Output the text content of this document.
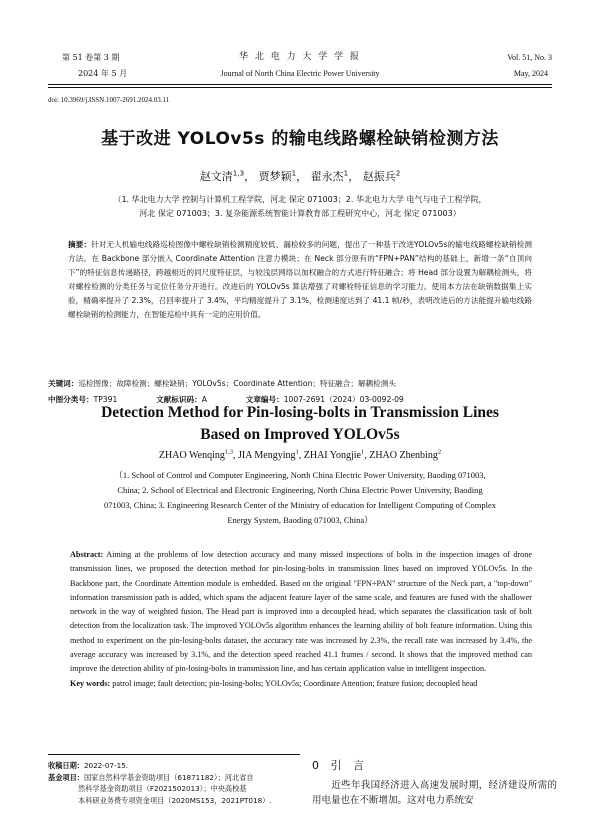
第 51 卷第 3 期
2024 年 5 月
华 北 电 力 大 学 学 报
Journal of North China Electric Power University
Vol. 51, No. 3
May, 2024
doi: 10.3969/j.ISSN.1007-2691.2024.03.11
基于改进 YOLOv5s 的输电线路螺栓缺销检测方法
赵文清$^{1,3}$， 贾梦颖$^1$， 翟永杰$^1$， 赵振兵$^2$
（1. 华北电力大学 控制与计算机工程学院，河北 保定 071003；2. 华北电力大学 电气与电子工程学院，
河北 保定 071003；3. 复杂能源系统智能计算教育部工程研究中心，河北 保定 071003）
摘要：针对无人机输电线路巡检图像中螺栓缺销检测精度较低、漏检较多的问题，提出了一种基于改进YOLOv5s的输电线路螺栓缺销检测方法。在 Backbone 部分嵌入 Coordinate Attention 注意力模块；在 Neck 部分原有的“FPN+PAN”结构的基础上，新增一条“自顶向下”的特征信息传递路径，跨越相近的同尺度特征层，与较浅层网络以加权融合的方式进行特征融合；将 Head 部分设置为解耦检测头，将对螺栓检测的分类任务与定位任务分开进行。改进后的 YOLOv5s 算法增强了对螺栓特征信息的学习能力。使用本方法在缺销数据集上实验，精确率提升了 2.3%，召回率提升了 3.4%，平均精度提升了 3.1%，检测速度达到了 41.1 帧/秒，表明改进后的方法能提升输电线路螺栓缺销的检测能力，在智能巡检中具有一定的应用价值。
关键词：巡检图像；故障检测；螺栓缺销；YOLOv5s；Coordinate Attention；特征融合；解耦检测头
中图分类号：TP391	文献标识码：A	文章编号：1007-2691（2024）03-0092-09
Detection Method for Pin-losing-bolts in Transmission Lines
Based on Improved YOLOv5s
ZHAO Wenqing$^{1,3}$, JIA Mengying$^1$, ZHAI Yongjie$^1$, ZHAO Zhenbing$^2$
（1. School of Control and Computer Engineering, North China Electric Power University, Baoding 071003,
China; 2. School of Electrical and Electronic Engineering, North China Electric Power University, Baoding
071003, China; 3. Engineering Research Center of the Ministry of education for Intelligent Computing of Complex
Energy System, Baoding 071003, China）
Abstract: Aiming at the problems of low detection accuracy and many missed inspections of bolts in the inspection images of drone transmission lines, we proposed the detection method for pin-losing-bolts in transmission lines based on improved YOLOv5s. In the Backbone part, the Coordinate Attention module is embedded. Based on the original "FPN+PAN" structure of the Neck part, a "top-down" information transmission path is added, which spans the adjacent feature layer of the same scale, and features are fused with the shallower network in the way of weighted fusion. The Head part is improved into a decoupled head, which separates the classification task of bolt detection from the localization task. The improved YOLOv5s algorithm enhances the learning ability of bolt feature information. Using this method to experiment on the pin-losing-bolts dataset, the accuracy rate was increased by 2.3%, the recall rate was increased by 3.4%, the average accuracy was increased by 3.1%, and the detection speed reached 41.1 frames / second. It shows that the improved method can improve the detection ability of pin-losing-bolts in transmission line, and has certain application value in intelligent inspection.
Key words: patrol image; fault detection; pin-losing-bolts; YOLOv5s; Coordinate Attention; feature fusion; decoupled head
收稿日期：2022-07-15.
基金项目：国家自然科学基金资助项目（61871182）；河北省自
然科学基金资助项目（F2021502013）；中央高校基
本科研业务费专项资金项目（2020MS153，2021PT018）.
0 引 言
近些年我国经济进入高速发展时期，经济建设所需的用电量也在不断增加。这对电力系统安
